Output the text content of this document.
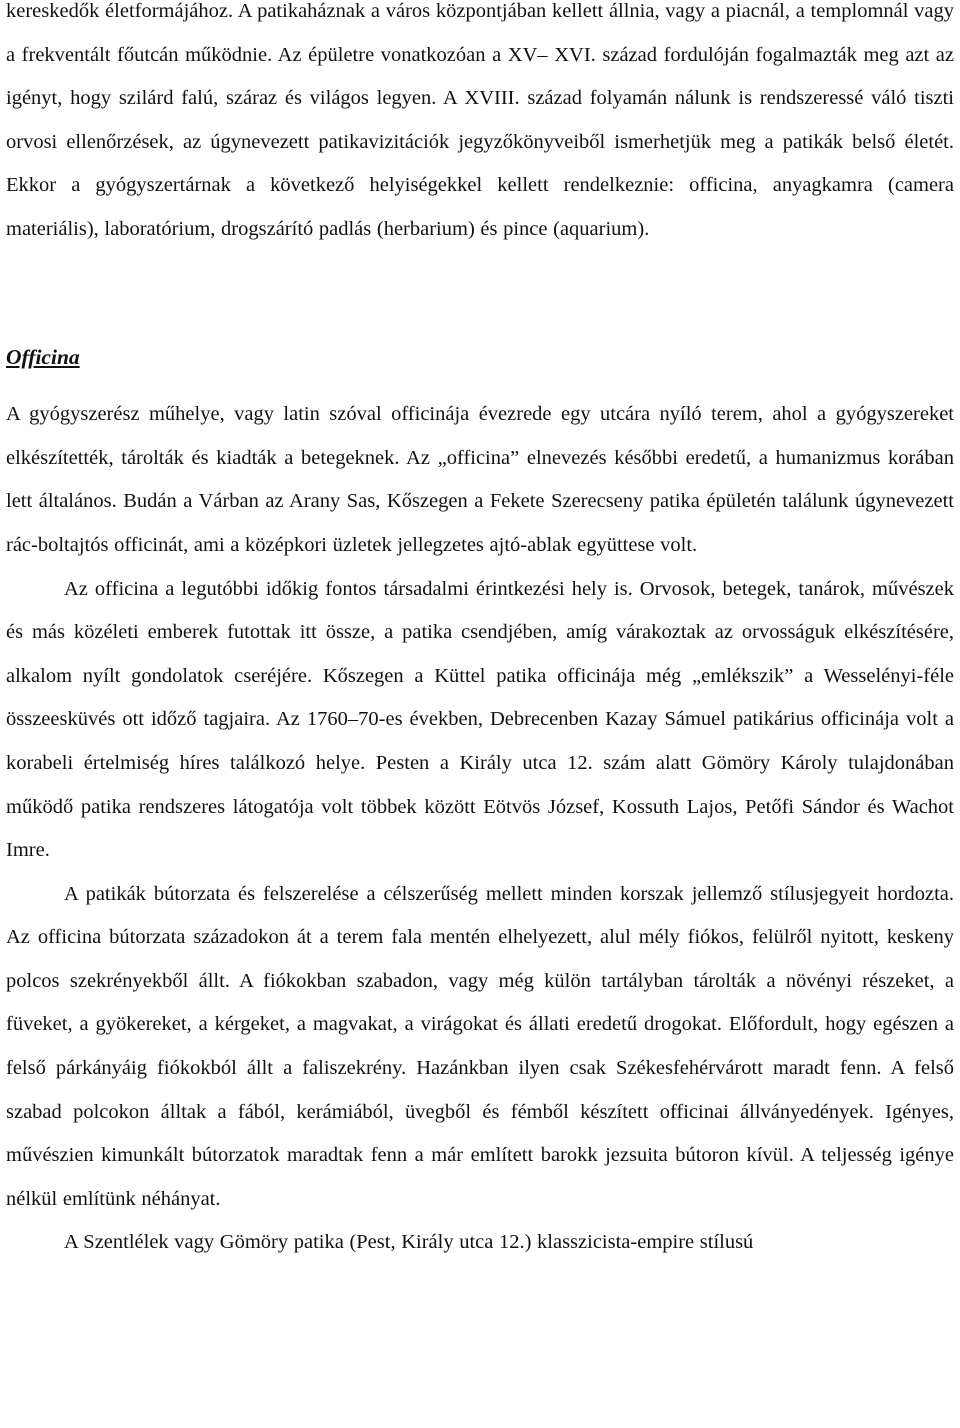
kereskedők életformájához. A patikaháznak a város központjában kellett állnia, vagy a piacnál, a templomnál vagy a frekventált főutcán működnie. Az épületre vonatkozóan a XV– XVI. század fordulóján fogalmazták meg azt az igényt, hogy szilárd falú, száraz és világos legyen. A XVIII. század folyamán nálunk is rendszeressé váló tiszti orvosi ellenőrzések, az úgynevezett patikavizitációk jegyzőkönyveiből ismerhetjük meg a patikák belső életét. Ekkor a gyógyszertárnak a következő helyiségekkel kellett rendelkeznie: officina, anyagkamra (camera materiális), laboratórium, drogszárító padlás (herbarium) és pince (aquarium).

Officina

A gyógyszerész műhelye, vagy latin szóval officinája évezrede egy utcára nyíló terem, ahol a gyógyszereket elkészítették, tárolták és kiadták a betegeknek. Az „officina” elnevezés későbbi eredetű, a humanizmus korában lett általános. Budán a Várban az Arany Sas, Kőszegen a Fekete Szerecseny patika épületén találunk úgynevezett rác-boltajtós officinát, ami a középkori üzletek jellegzetes ajtó-ablak együttese volt.

Az officina a legutóbbi időkig fontos társadalmi érintkezési hely is. Orvosok, betegek, tanárok, művészek és más közéleti emberek futottak itt össze, a patika csendjében, amíg várakoztak az orvosságuk elkészítésére, alkalom nyílt gondolatok cseréjére. Kőszegen a Küttel patika officinája még „emlékszik” a Wesselényi-féle összeesküvés ott időző tagjaira. Az 1760–70-es években, Debrecenben Kazay Sámuel patikárius officinája volt a korabeli értelmiség híres találkozó helye. Pesten a Király utca 12. szám alatt Gömöry Károly tulajdonában működő patika rendszeres látogatója volt többek között Eötvös József, Kossuth Lajos, Petőfi Sándor és Wachot Imre.

A patikák bútorzata és felszerelése a célszerűség mellett minden korszak jellemző stílusjegyeit hordozta. Az officina bútorzata századokon át a terem fala mentén elhelyezett, alul mély fiókos, felülről nyitott, keskeny polcos szekrényekből állt. A fiókokban szabadon, vagy még külön tartályban tárolták a növényi részeket, a füveket, a gyökereket, a kérgeket, a magvakat, a virágokat és állati eredetű drogokat. Előfordult, hogy egészen a felső párkányáig fiókokból állt a faliszekrény. Hazánkban ilyen csak Székesfehérvárott maradt fenn. A felső szabad polcokon álltak a fából, kerámiából, üvegből és fémből készített officinai állványedények. Igényes, művészien kimunkált bútorzatok maradtak fenn a már említett barokk jezsuita bútoron kívül. A teljesség igénye nélkül említünk néhányat.

A Szentlélek vagy Gömöry patika (Pest, Király utca 12.) klasszicista-empire stílusú
